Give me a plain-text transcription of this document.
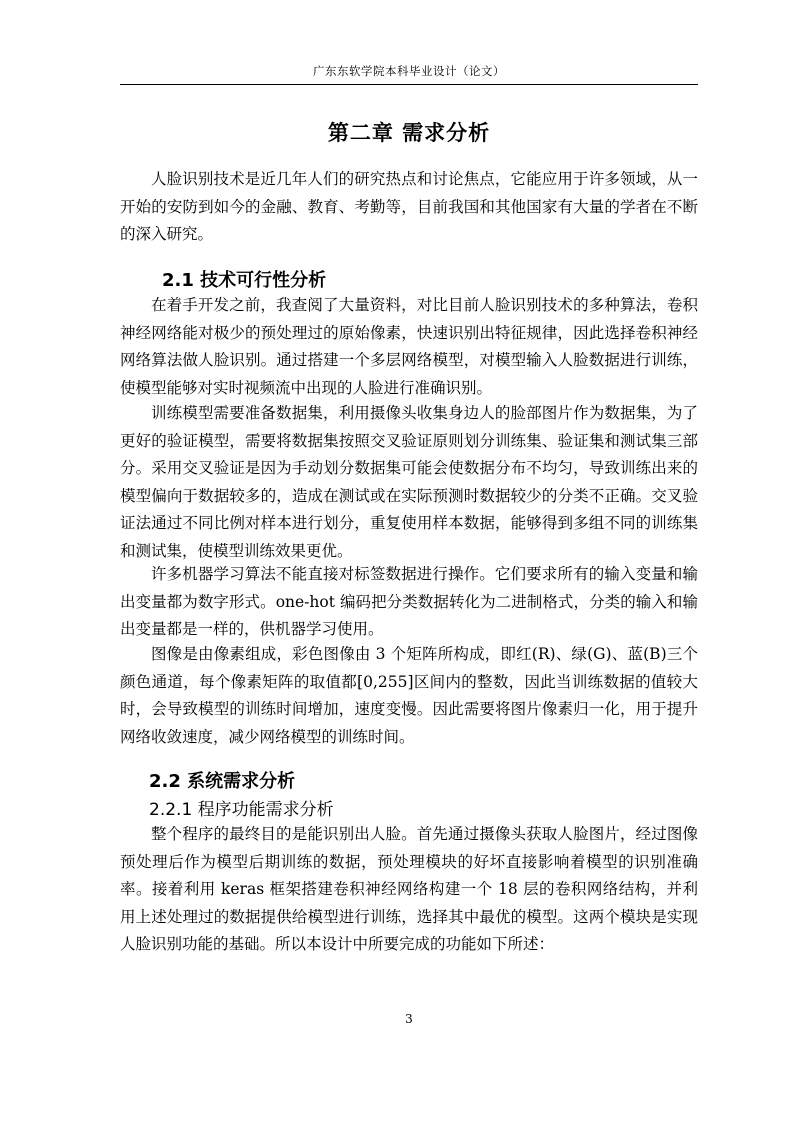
广东东软学院本科毕业设计（论文）
第二章 需求分析

人脸识别技术是近几年人们的研究热点和讨论焦点，它能应用于许多领域，从一开始的安防到如今的金融、教育、考勤等，目前我国和其他国家有大量的学者在不断的深入研究。

2.1 技术可行性分析

在着手开发之前，我查阅了大量资料，对比目前人脸识别技术的多种算法，卷积神经网络能对极少的预处理过的原始像素，快速识别出特征规律，因此选择卷积神经网络算法做人脸识别。通过搭建一个多层网络模型，对模型输入人脸数据进行训练，使模型能够对实时视频流中出现的人脸进行准确识别。

训练模型需要准备数据集，利用摄像头收集身边人的脸部图片作为数据集，为了更好的验证模型，需要将数据集按照交叉验证原则划分训练集、验证集和测试集三部分。采用交叉验证是因为手动划分数据集可能会使数据分布不均匀，导致训练出来的模型偏向于数据较多的，造成在测试或在实际预测时数据较少的分类不正确。交叉验证法通过不同比例对样本进行划分，重复使用样本数据，能够得到多组不同的训练集和测试集，使模型训练效果更优。

许多机器学习算法不能直接对标签数据进行操作。它们要求所有的输入变量和输出变量都为数字形式。one-hot 编码把分类数据转化为二进制格式，分类的输入和输出变量都是一样的，供机器学习使用。

图像是由像素组成，彩色图像由 3 个矩阵所构成，即红(R)、绿(G)、蓝(B)三个颜色通道，每个像素矩阵的取值都[0,255]区间内的整数，因此当训练数据的值较大时，会导致模型的训练时间增加，速度变慢。因此需要将图片像素归一化，用于提升网络收敛速度，减少网络模型的训练时间。

2.2 系统需求分析
2.2.1 程序功能需求分析

整个程序的最终目的是能识别出人脸。首先通过摄像头获取人脸图片，经过图像预处理后作为模型后期训练的数据，预处理模块的好坏直接影响着模型的识别准确率。接着利用 keras 框架搭建卷积神经网络构建一个 18 层的卷积网络结构，并利用上述处理过的数据提供给模型进行训练，选择其中最优的模型。这两个模块是实现人脸识别功能的基础。所以本设计中所要完成的功能如下所述：

3
